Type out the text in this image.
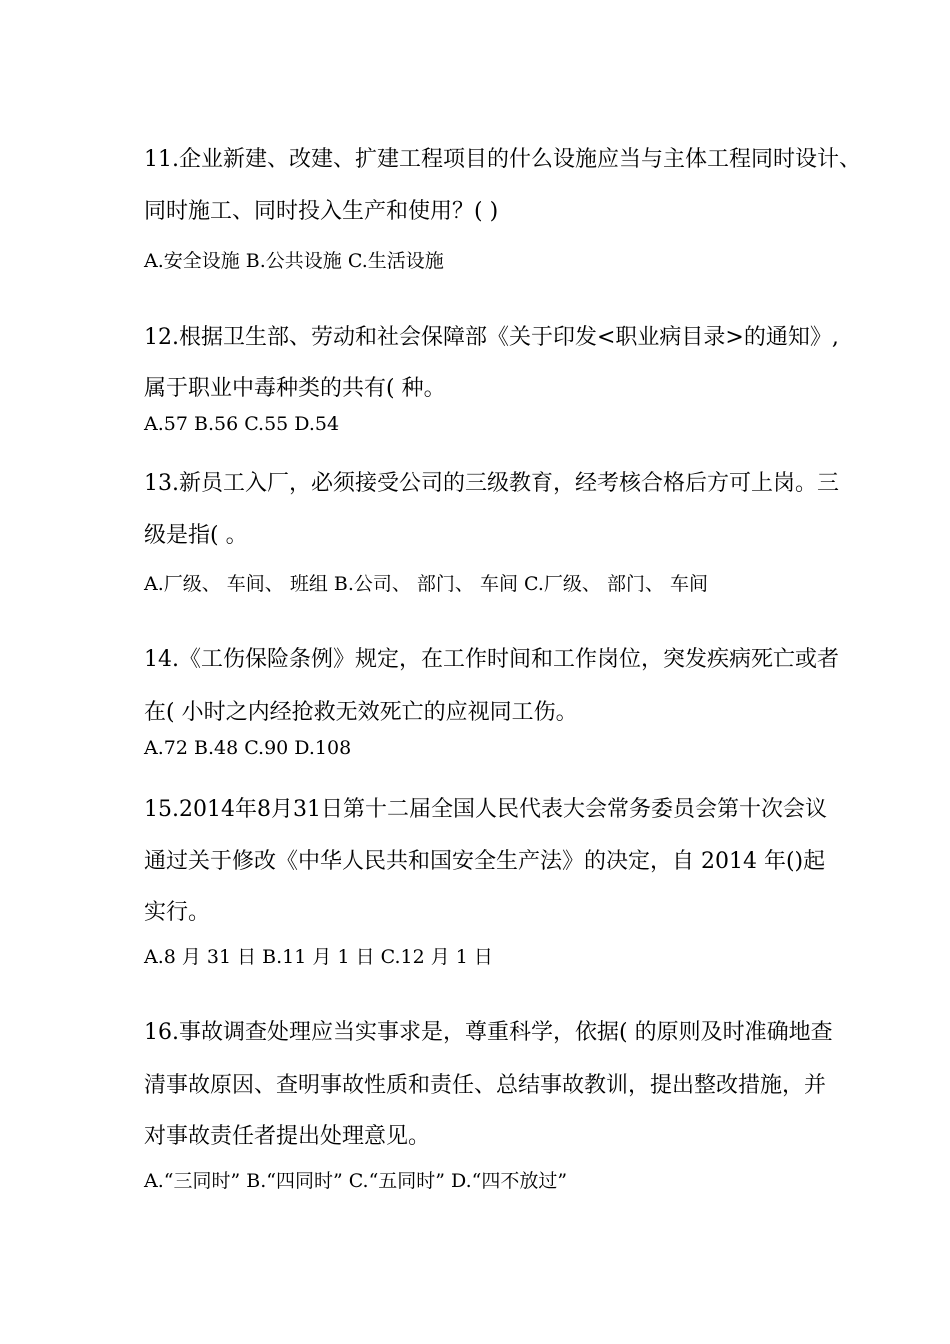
11.企业新建、改建、扩建工程项目的什么设施应当与主体工程同时设计、
同时施工、同时投入生产和使用？( )
A.安全设施 B.公共设施 C.生活设施
12.根据卫生部、劳动和社会保障部《关于印发<职业病目录>的通知》,
属于职业中毒种类的共有( 种。
A.57 B.56 C.55 D.54
13.新员工入厂，必须接受公司的三级教育，经考核合格后方可上岗。三
级是指( 。
A.厂级、 车间、 班组 B.公司、 部门、 车间 C.厂级、 部门、 车间
14.《工伤保险条例》规定，在工作时间和工作岗位，突发疾病死亡或者
在( 小时之内经抢救无效死亡的应视同工伤。
A.72 B.48 C.90 D.108
15.2014年8月31日第十二届全国人民代表大会常务委员会第十次会议
通过关于修改《中华人民共和国安全生产法》的决定，自 2014 年()起
实行。
A.8 月 31 日 B.11 月 1 日 C.12 月 1 日
16.事故调查处理应当实事求是，尊重科学，依据( 的原则及时准确地查
清事故原因、查明事故性质和责任、总结事故教训，提出整改措施，并
对事故责任者提出处理意见。
A.“三同时” B.“四同时” C.“五同时” D.“四不放过”
